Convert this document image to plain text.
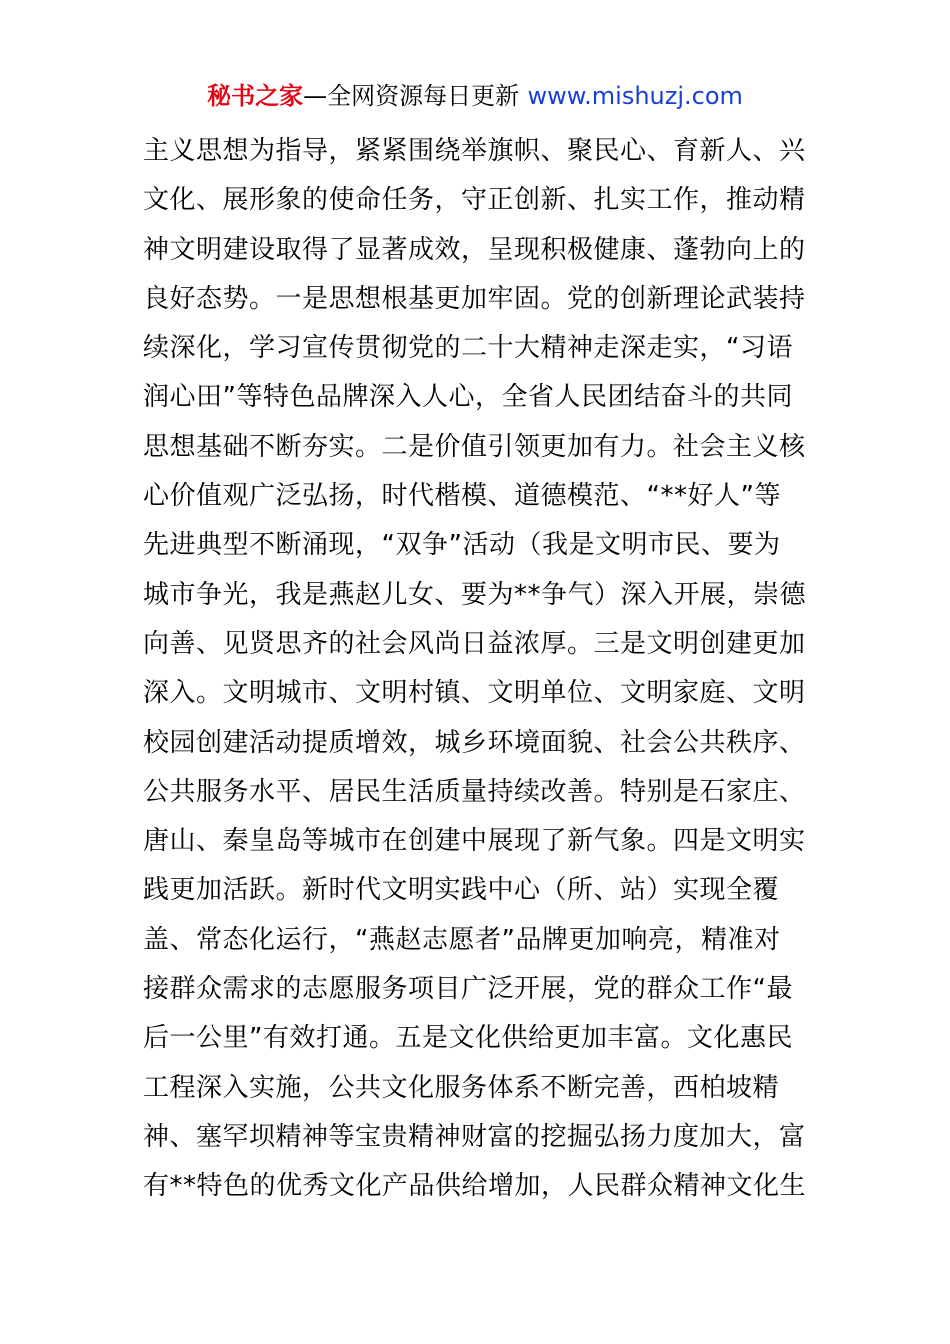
秘书之家—全网资源每日更新 www.mishuzj.com
主义思想为指导，紧紧围绕举旗帜、聚民心、育新人、兴
文化、展形象的使命任务，守正创新、扎实工作，推动精
神文明建设取得了显著成效，呈现积极健康、蓬勃向上的
良好态势。一是思想根基更加牢固。党的创新理论武装持
续深化，学习宣传贯彻党的二十大精神走深走实，“习语
润心田”等特色品牌深入人心，全省人民团结奋斗的共同
思想基础不断夯实。二是价值引领更加有力。社会主义核
心价值观广泛弘扬，时代楷模、道德模范、“**好人”等
先进典型不断涌现，“双争”活动（我是文明市民、要为
城市争光，我是燕赵儿女、要为**争气）深入开展，崇德
向善、见贤思齐的社会风尚日益浓厚。三是文明创建更加
深入。文明城市、文明村镇、文明单位、文明家庭、文明
校园创建活动提质增效，城乡环境面貌、社会公共秩序、
公共服务水平、居民生活质量持续改善。特别是石家庄、
唐山、秦皇岛等城市在创建中展现了新气象。四是文明实
践更加活跃。新时代文明实践中心（所、站）实现全覆
盖、常态化运行，“燕赵志愿者”品牌更加响亮，精准对
接群众需求的志愿服务项目广泛开展，党的群众工作“最
后一公里”有效打通。五是文化供给更加丰富。文化惠民
工程深入实施，公共文化服务体系不断完善，西柏坡精
神、塞罕坝精神等宝贵精神财富的挖掘弘扬力度加大，富
有**特色的优秀文化产品供给增加，人民群众精神文化生
